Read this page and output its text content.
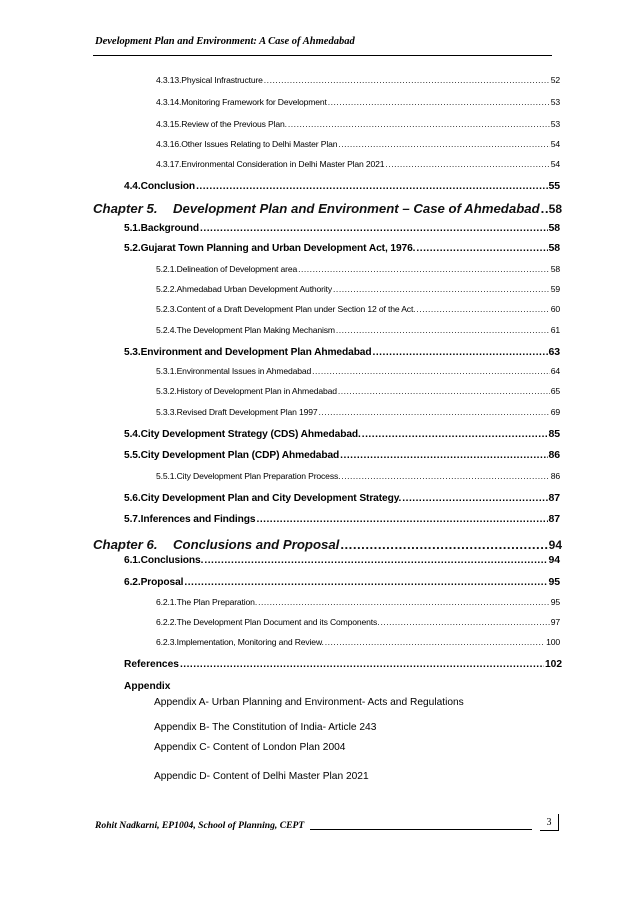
Development Plan and Environment: A Case of Ahmedabad
4.3.13.Physical Infrastructure .....	52
4.3.14.Monitoring Framework for Development .....	53
4.3.15.Review of the Previous Plan. .....	53
4.3.16.Other Issues Relating to Delhi Master Plan .....	54
4.3.17.Environmental Consideration in Delhi Master Plan 2021 .....	54
4.4.Conclusion .....	55
Chapter 5. Development Plan and Environment – Case of Ahmedabad ..... 58
5.1.Background .....	58
5.2.Gujarat Town Planning and Urban Development Act, 1976. .....	58
5.2.1.Delineation of Development area .....	58
5.2.2.Ahmedabad Urban Development Authority .....	59
5.2.3.Content of a Draft Development Plan under Section 12 of the Act. .....	60
5.2.4.The Development Plan Making Mechanism .....	61
5.3.Environment and Development Plan Ahmedabad .....	63
5.3.1.Environmental Issues in Ahmedabad .....	64
5.3.2.History of Development Plan in Ahmedabad .....	65
5.3.3.Revised Draft Development Plan 1997 .....	69
5.4.City Development Strategy (CDS) Ahmedabad. .....	85
5.5.City Development Plan (CDP) Ahmedabad .....	86
5.5.1.City Development Plan Preparation Process. .....	86
5.6.City Development Plan and City Development Strategy. .....	87
5.7.Inferences and Findings .....	87
Chapter 6. Conclusions and Proposal .....	94
6.1.Conclusions. .....	94
6.2.Proposal .....	95
6.2.1.The Plan Preparation. .....	95
6.2.2.The Development Plan Document and its Components. .....	97
6.2.3.Implementation, Monitoring and Review. .....	100
References .....	102
Appendix
Appendix A- Urban Planning and Environment- Acts and Regulations
Appendix B- The Constitution of India- Article 243
Appendix C- Content of London Plan 2004
Appendic D- Content of Delhi Master Plan 2021
Rohit Nadkarni, EP1004, School of Planning, CEPT	3
